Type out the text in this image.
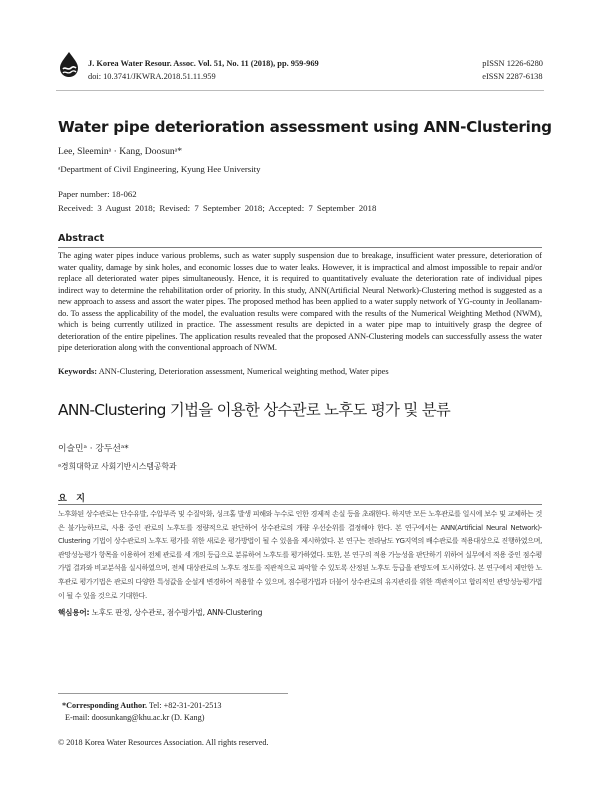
J. Korea Water Resour. Assoc. Vol. 51, No. 11 (2018), pp. 959-969
doi: 10.3741/JKWRA.2018.51.11.959
pISSN 1226-6280
eISSN 2287-6138
Water pipe deterioration assessment using ANN-Clustering
Lee, Sleeminᵃ · Kang, Doosunᵃ*
ᵃDepartment of Civil Engineering, Kyung Hee University
Paper number: 18-062
Received: 3 August 2018; Revised: 7 September 2018; Accepted: 7 September 2018
Abstract
The aging water pipes induce various problems, such as water supply suspension due to breakage, insufficient water pressure, deterioration of water quality, damage by sink holes, and economic losses due to water leaks. However, it is impractical and almost impossible to repair and/or replace all deteriorated water pipes simultaneously. Hence, it is required to quantitatively evaluate the deterioration rate of individual pipes indirect way to determine the rehabilitation order of priority. In this study, ANN(Artificial Neural Network)-Clustering method is suggested as a new approach to assess and assort the water pipes. The proposed method has been applied to a water supply network of YG-county in Jeollanam-do. To assess the applicability of the model, the evaluation results were compared with the results of the Numerical Weighting Method (NWM), which is being currently utilized in practice. The assessment results are depicted in a water pipe map to intuitively grasp the degree of deterioration of the entire pipelines. The application results revealed that the proposed ANN-Clustering models can successfully assess the water pipe deterioration along with the conventional approach of NWM.
Keywords: ANN-Clustering, Deterioration assessment, Numerical weighting method, Water pipes
ANN-Clustering 기법을 이용한 상수관로 노후도 평가 및 분류
이슬민ᵃ · 강두선ᵃ*
ᵃ경희대학교 사회기반시스템공학과
요 지
노후화된 상수관로는 단수유발, 수압부족 및 수질악화, 싱크홀 발생 피해와 누수로 인한 경제적 손실 등을 초래한다. 하지만 모든 노후관로를 일시에 보수 및 교체하는 것은 불가능하므로, 사용 중인 관로의 노후도를 정량적으로 판단하여 상수관로의 개량 우선순위를 결정해야 한다. 본 연구에서는 ANN(Artificial Neural Network)-Clustering 기법이 상수관로의 노후도 평가를 위한 새로운 평가방법이 될 수 있음을 제시하였다. 본 연구는 전라남도 YG지역의 배수관로를 적용대상으로 진행하였으며, 관망성능평가 항목을 이용하여 전체 관로를 세 개의 등급으로 분류하여 노후도를 평가하였다. 또한, 본 연구의 적용 가능성을 판단하기 위하여 실무에서 적용 중인 점수평가법 결과와 비교분석을 실시하였으며, 전체 대상관로의 노후도 정도를 직관적으로 파악할 수 있도록 산정된 노후도 등급을 관망도에 도시하였다. 본 연구에서 제안한 노후관로 평가기법은 관로의 다양한 특성값을 순설게 변경하여 적용할 수 있으며, 점수평가법과 더불어 상수관로의 유지관리를 위한 객관적이고 합리적인 관망성능평가법이 될 수 있을 것으로 기대한다.
핵심용어: 노후도 판정, 상수관로, 점수평가법, ANN-Clustering
*Corresponding Author. Tel: +82-31-201-2513
E-mail: doosunkang@khu.ac.kr (D. Kang)
© 2018 Korea Water Resources Association. All rights reserved.
